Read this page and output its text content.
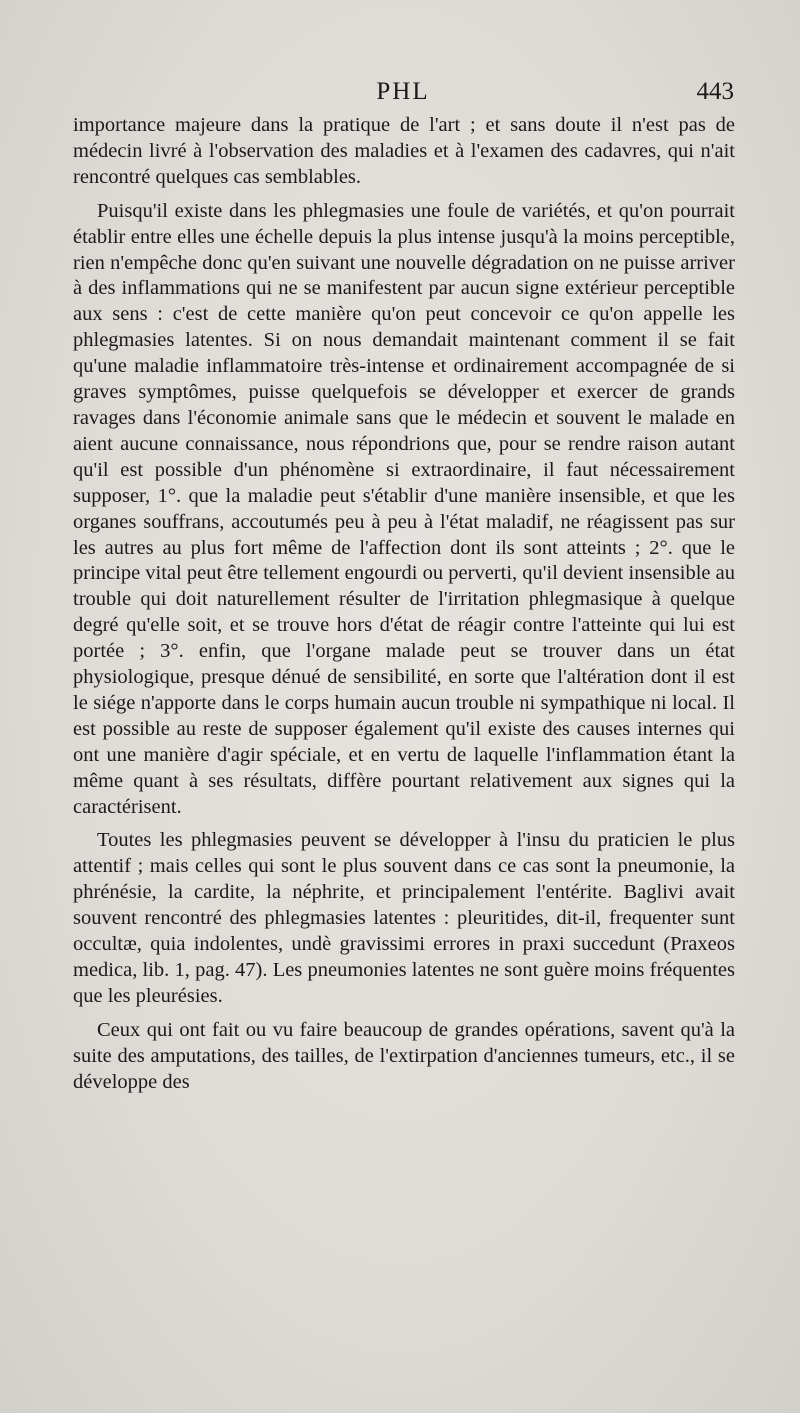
PHL	443

importance majeure dans la pratique de l'art ; et sans doute il n'est pas de médecin livré à l'observation des maladies et à l'examen des cadavres, qui n'ait rencontré quelques cas semblables.

Puisqu'il existe dans les phlegmasies une foule de variétés, et qu'on pourrait établir entre elles une échelle depuis la plus intense jusqu'à la moins perceptible, rien n'empêche donc qu'en suivant une nouvelle dégradation on ne puisse arriver à des inflammations qui ne se manifestent par aucun signe extérieur perceptible aux sens : c'est de cette manière qu'on peut concevoir ce qu'on appelle les phlegmasies latentes. Si on nous demandait maintenant comment il se fait qu'une maladie inflammatoire très-intense et ordinairement accompagnée de si graves symptômes, puisse quelquefois se développer et exercer de grands ravages dans l'économie animale sans que le médecin et souvent le malade en aient aucune connaissance, nous répondrions que, pour se rendre raison autant qu'il est possible d'un phénomène si extraordinaire, il faut nécessairement supposer, 1°. que la maladie peut s'établir d'une manière insensible, et que les organes souffrans, accoutumés peu à peu à l'état maladif, ne réagissent pas sur les autres au plus fort même de l'affection dont ils sont atteints ; 2°. que le principe vital peut être tellement engourdi ou perverti, qu'il devient insensible au trouble qui doit naturellement résulter de l'irritation phlegmasique à quelque degré qu'elle soit, et se trouve hors d'état de réagir contre l'atteinte qui lui est portée ; 3°. enfin, que l'organe malade peut se trouver dans un état physiologique, presque dénué de sensibilité, en sorte que l'altération dont il est le siége n'apporte dans le corps humain aucun trouble ni sympathique ni local. Il est possible au reste de supposer également qu'il existe des causes internes qui ont une manière d'agir spéciale, et en vertu de laquelle l'inflammation étant la même quant à ses résultats, diffère pourtant relativement aux signes qui la caractérisent.

Toutes les phlegmasies peuvent se développer à l'insu du praticien le plus attentif ; mais celles qui sont le plus souvent dans ce cas sont la pneumonie, la phrénésie, la cardite, la néphrite, et principalement l'entérite. Baglivi avait souvent rencontré des phlegmasies latentes : pleuritides, dit-il, frequenter sunt occultæ, quia indolentes, undè gravissimi errores in praxi succedunt (Praxeos medica, lib. 1, pag. 47). Les pneumonies latentes ne sont guère moins fréquentes que les pleurésies.

Ceux qui ont fait ou vu faire beaucoup de grandes opérations, savent qu'à la suite des amputations, des tailles, de l'extirpation d'anciennes tumeurs, etc., il se développe des
